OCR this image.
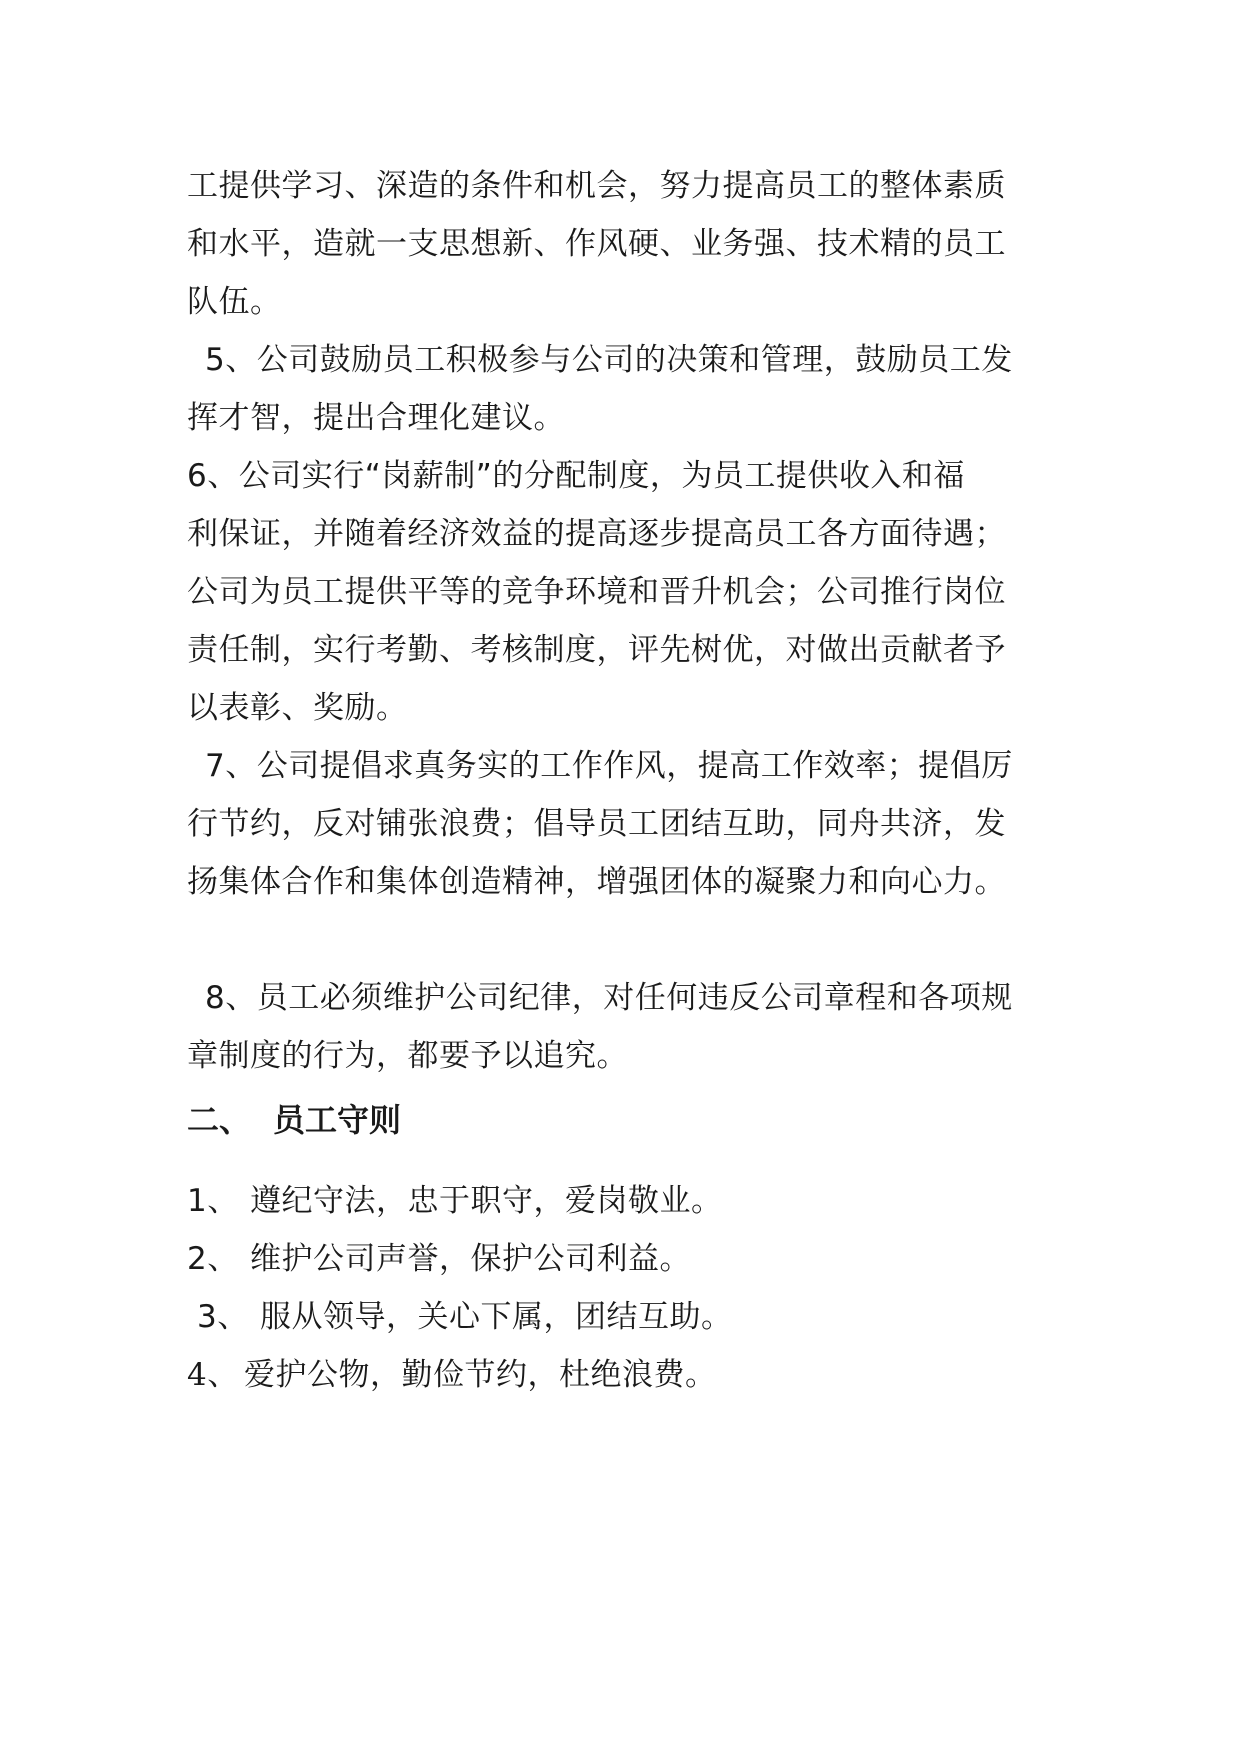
工提供学习、深造的条件和机会，努力提高员工的整体素质
和水平，造就一支思想新、作风硬、业务强、技术精的员工
队伍。
5、公司鼓励员工积极参与公司的决策和管理，鼓励员工发
挥才智，提出合理化建议。
6、公司实行“岗薪制”的分配制度，为员工提供收入和福
利保证，并随着经济效益的提高逐步提高员工各方面待遇；
公司为员工提供平等的竞争环境和晋升机会；公司推行岗位
责任制，实行考勤、考核制度，评先树优，对做出贡献者予
以表彰、奖励。
7、公司提倡求真务实的工作作风，提高工作效率；提倡厉
行节约，反对铺张浪费；倡导员工团结互助，同舟共济，发
扬集体合作和集体创造精神，增强团体的凝聚力和向心力。
8、员工必须维护公司纪律，对任何违反公司章程和各项规
章制度的行为，都要予以追究。
二、 员工守则
1、 遵纪守法，忠于职守，爱岗敬业。
2、 维护公司声誉，保护公司利益。
3、 服从领导，关心下属，团结互助。
4、 爱护公物，勤俭节约，杜绝浪费。
